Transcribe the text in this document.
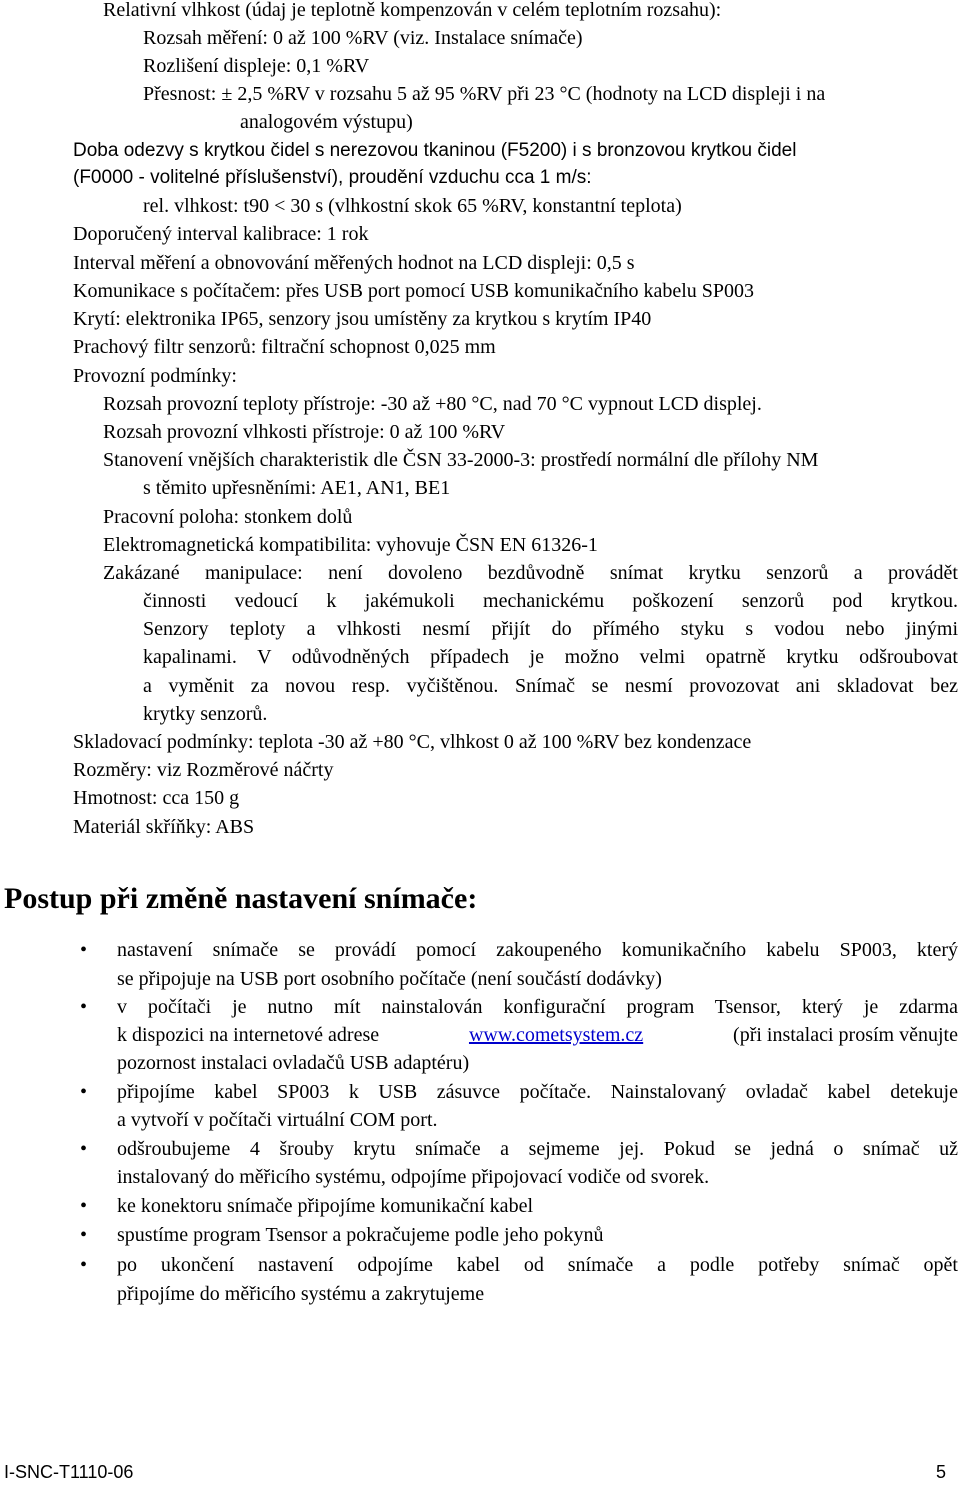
Relativní vlhkost (údaj je teplotně kompenzován v celém teplotním rozsahu):
Rozsah měření: 0 až 100 %RV (viz. Instalace snímače)
Rozlišení displeje: 0,1 %RV
Přesnost: ± 2,5 %RV v rozsahu 5 až 95 %RV při 23 °C (hodnoty na LCD displeji i na
analogovém výstupu)
Doba odezvy s krytkou čidel s nerezovou tkaninou (F5200) i s bronzovou krytkou čidel
(F0000 - volitelné příslušenství), proudění vzduchu cca 1 m/s:
rel. vlhkost: t90 < 30 s (vlhkostní skok 65 %RV, konstantní teplota)
Doporučený interval kalibrace: 1 rok
Interval měření a obnovování měřených hodnot na LCD displeji: 0,5 s
Komunikace s počítačem: přes USB port pomocí USB komunikačního kabelu SP003
Krytí: elektronika IP65, senzory jsou umístěny za krytkou s krytím IP40
Prachový filtr senzorů: filtrační schopnost 0,025 mm
Provozní podmínky:
Rozsah provozní teploty přístroje: -30 až +80 °C, nad 70 °C vypnout LCD displej.
Rozsah provozní vlhkosti přístroje: 0 až 100 %RV
Stanovení vnějších charakteristik dle ČSN 33-2000-3: prostředí normální dle přílohy NM
s těmito upřesněními: AE1, AN1, BE1
Pracovní poloha: stonkem dolů
Elektromagnetická kompatibilita: vyhovuje ČSN EN 61326-1
Zakázané manipulace: není dovoleno bezdůvodně snímat krytku senzorů a provádět
činnosti vedoucí k jakémukoli mechanickému poškození senzorů pod krytkou.
Senzory teploty a vlhkosti nesmí přijít do přímého styku s vodou nebo jinými
kapalinami. V odůvodněných případech je možno velmi opatrně krytku odšroubovat
a vyměnit za novou resp. vyčištěnou. Snímač se nesmí provozovat ani skladovat bez
krytky senzorů.
Skladovací podmínky: teplota -30 až +80 °C, vlhkost 0 až 100 %RV bez kondenzace
Rozměry: viz Rozměrové náčrty
Hmotnost: cca 150 g
Materiál skříňky: ABS
Postup při změně nastavení snímače:
• nastavení snímače se provádí pomocí zakoupeného komunikačního kabelu SP003, který
se připojuje na USB port osobního počítače (není součástí dodávky)
• v počítači je nutno mít nainstalován konfigurační program Tsensor, který je zdarma
k dispozici na internetové adrese	www.cometsystem.cz	(při instalaci prosím věnujte
pozornost instalaci ovladačů USB adaptéru)
• připojíme kabel SP003 k USB zásuvce počítače. Nainstalovaný ovladač kabel detekuje
a vytvoří v počítači virtuální COM port.
• odšroubujeme 4 šrouby krytu snímače a sejmeme jej. Pokud se jedná o snímač už
instalovaný do měřicího systému, odpojíme připojovací vodiče od svorek.
• ke konektoru snímače připojíme komunikační kabel
• spustíme program Tsensor a pokračujeme podle jeho pokynů
• po ukončení nastavení odpojíme kabel od snímače a podle potřeby snímač opět
připojíme do měřicího systému a zakrytujeme
I-SNC-T1110-06	5
